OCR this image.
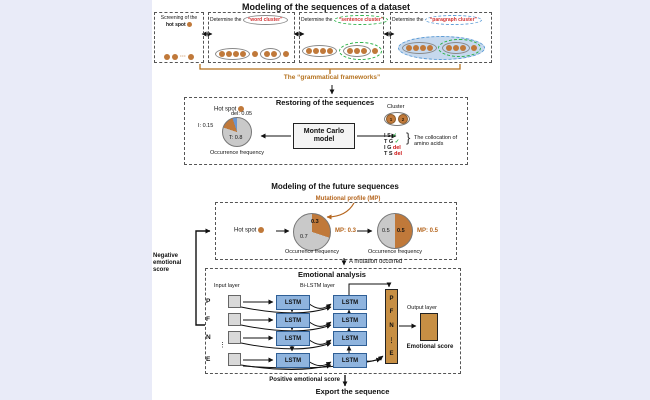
Modeling of the sequences of a dataset
Screening of the
hot spot
···
Determine the “word cluster”	Determine the “sentence cluster” Determine the “paragraph cluster”
The “grammatical frameworks”
Restoring of the sequences
Hot spot
del: 0.05
I: 0.15
T: 0.8
Occurrence frequency
Monte Carlo model
Cluster
1	2
I S ✓
T G ✓
I G del
T S del
} The collocation of amino acids
Modeling of the future sequences
Hot spot
Mutational profile (MP)
0.3
0.7
MP: 0.3	0.5 0.5 MP: 0.5
Occurrence frequency	Occurrence frequency
A mutation occurred
Negative emotional score	Emotional analysis
Input layer	Bi-LSTM layer
P
F
N
E
⋮
LSTM
LSTM
LSTM
LSTM
LSTM
LSTM
LSTM
LSTM
P
F
N
⋮
E
Output layer
Emotional score
Positive emotional score
Export the sequence
